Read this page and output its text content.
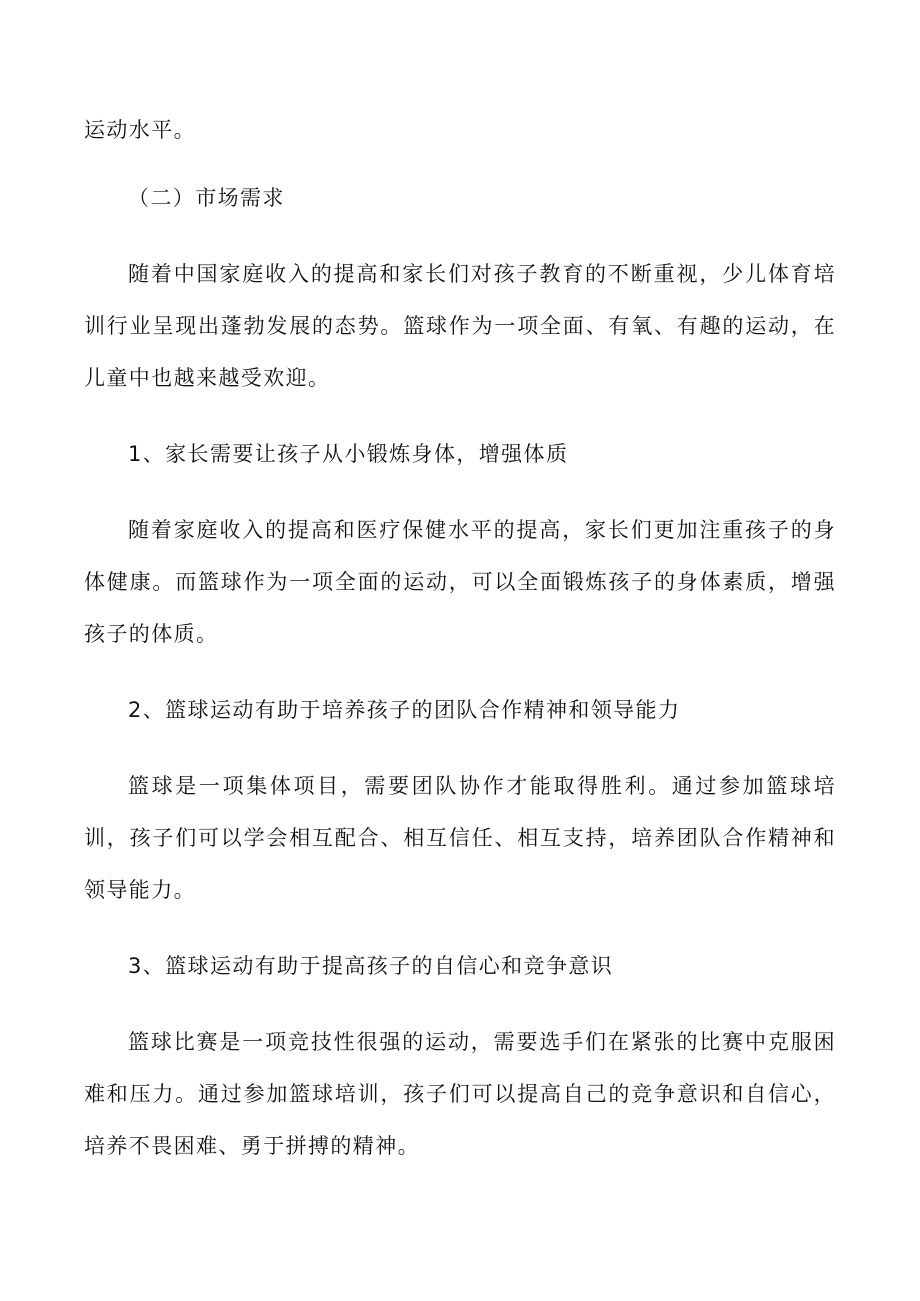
运动水平。

（二）市场需求

随着中国家庭收入的提高和家长们对孩子教育的不断重视，少儿体育培训行业呈现出蓬勃发展的态势。篮球作为一项全面、有氧、有趣的运动，在儿童中也越来越受欢迎。

1、家长需要让孩子从小锻炼身体，增强体质

随着家庭收入的提高和医疗保健水平的提高，家长们更加注重孩子的身体健康。而篮球作为一项全面的运动，可以全面锻炼孩子的身体素质，增强孩子的体质。

2、篮球运动有助于培养孩子的团队合作精神和领导能力

篮球是一项集体项目，需要团队协作才能取得胜利。通过参加篮球培训，孩子们可以学会相互配合、相互信任、相互支持，培养团队合作精神和领导能力。

3、篮球运动有助于提高孩子的自信心和竞争意识

篮球比赛是一项竞技性很强的运动，需要选手们在紧张的比赛中克服困难和压力。通过参加篮球培训，孩子们可以提高自己的竞争意识和自信心，培养不畏困难、勇于拼搏的精神。
